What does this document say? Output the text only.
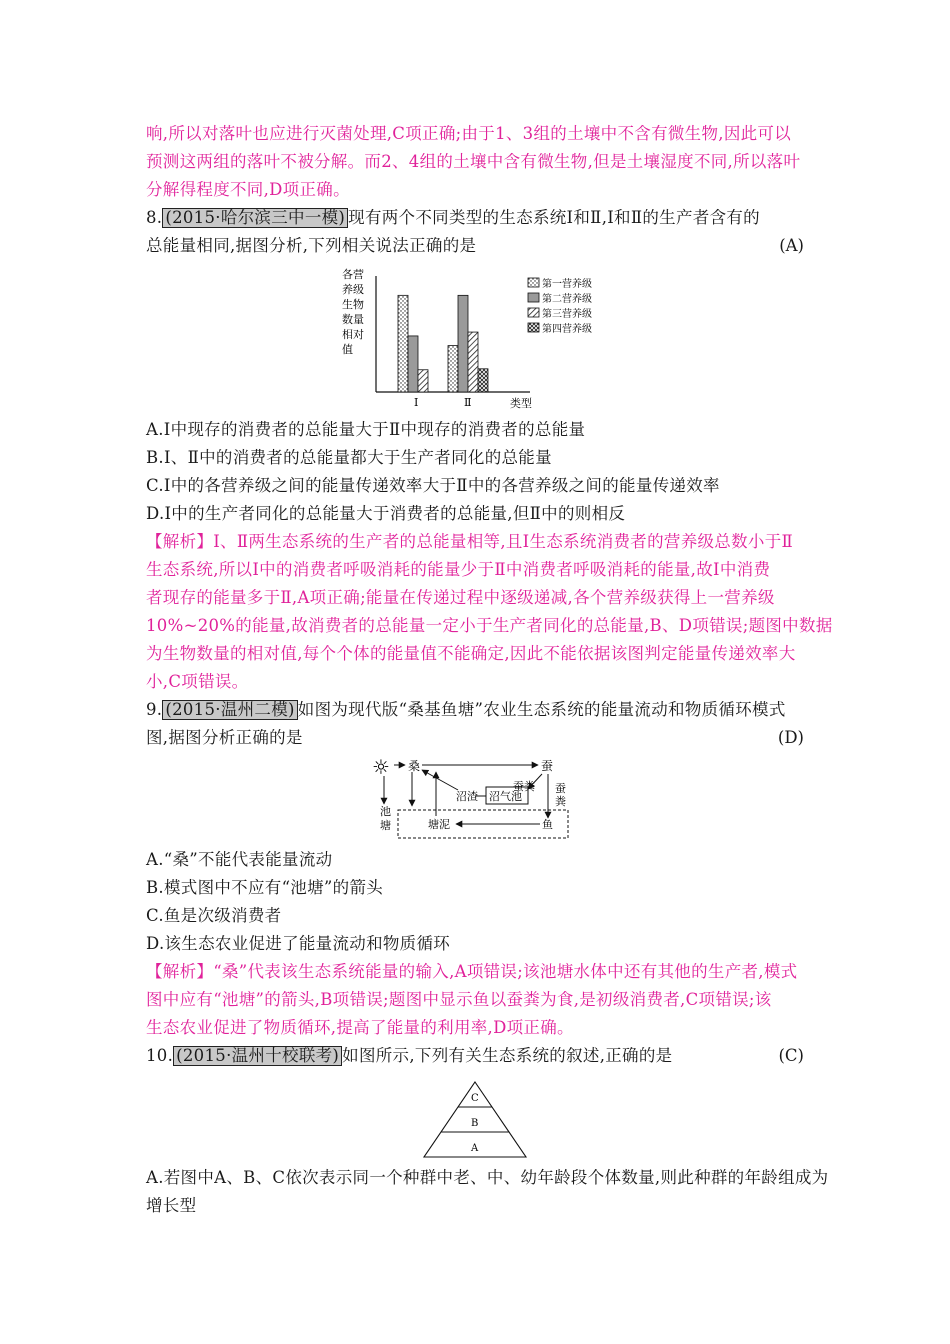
响,所以对落叶也应进行灭菌处理,C项正确;由于1、3组的土壤中不含有微生物,因此可以
预测这两组的落叶不被分解。而2、4组的土壤中含有微生物,但是土壤湿度不同,所以落叶
分解得程度不同,D项正确。
8. (2015·哈尔滨三中一模) 现有两个不同类型的生态系统Ⅰ和Ⅱ,Ⅰ和Ⅱ的生产者含有的
总能量相同,据图分析,下列相关说法正确的是	(A)
各营
养级
生物
数量
相对
值
Ⅰ	Ⅱ	类型
第一营养级
第二营养级
第三营养级
第四营养级
A.Ⅰ中现存的消费者的总能量大于Ⅱ中现存的消费者的总能量
B.Ⅰ、Ⅱ中的消费者的总能量都大于生产者同化的总能量
C.Ⅰ中的各营养级之间的能量传递效率大于Ⅱ中的各营养级之间的能量传递效率
D.Ⅰ中的生产者同化的总能量大于消费者的总能量,但Ⅱ中的则相反
【解析】Ⅰ、Ⅱ两生态系统的生产者的总能量相等,且Ⅰ生态系统消费者的营养级总数小于Ⅱ
生态系统,所以Ⅰ中的消费者呼吸消耗的能量少于Ⅱ中消费者呼吸消耗的能量,故Ⅰ中消费
者现存的能量多于Ⅱ,A项正确;能量在传递过程中逐级递减,各个营养级获得上一营养级
10%~20%的能量,故消费者的总能量一定小于生产者同化的总能量,B、D项错误;题图中数据
为生物数量的相对值,每个个体的能量值不能确定,因此不能依据该图判定能量传递效率大
小,C项错误。
9. (2015·温州二模) 如图为现代版“桑基鱼塘”农业生态系统的能量流动和物质循环模式
图,据图分析正确的是	(D)
☼ 桑	蚕
蚕粪 蚕
粪
沼渣 沼气池
池
塘	塘泥	鱼
A.“桑”不能代表能量流动
B.模式图中不应有“池塘”的箭头
C.鱼是次级消费者
D.该生态农业促进了能量流动和物质循环
【解析】“桑”代表该生态系统能量的输入,A项错误;该池塘水体中还有其他的生产者,模式
图中应有“池塘”的箭头,B项错误;题图中显示鱼以蚕粪为食,是初级消费者,C项错误;该
生态农业促进了物质循环,提高了能量的利用率,D项正确。
10. (2015·温州十校联考) 如图所示,下列有关生态系统的叙述,正确的是	(C)
C
B
A
A.若图中A、B、C依次表示同一个种群中老、中、幼年龄段个体数量,则此种群的年龄组成为
增长型
